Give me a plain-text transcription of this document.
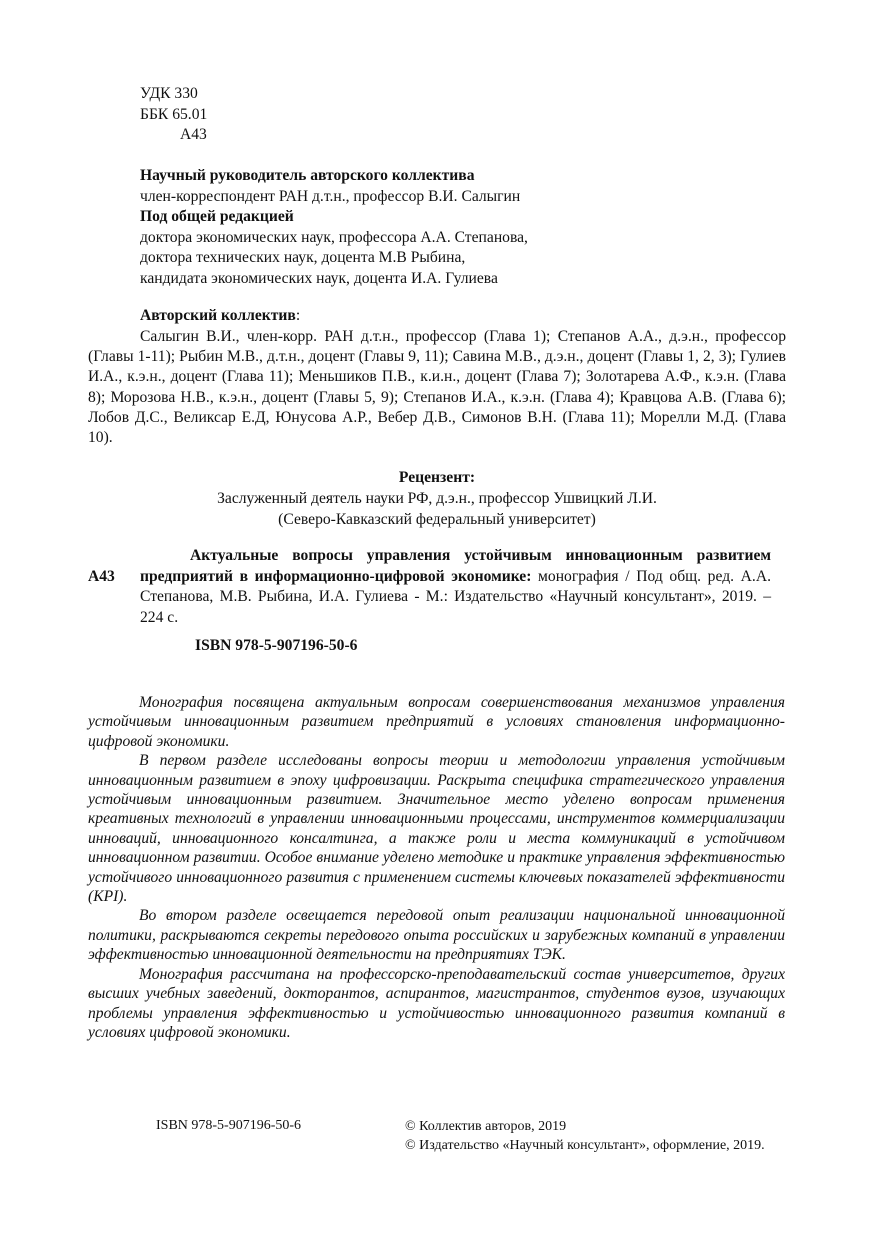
УДК 330
ББК 65.01
А43
Научный руководитель авторского коллектива
член-корреспондент РАН д.т.н., профессор В.И. Салыгин
Под общей редакцией
доктора экономических наук, профессора А.А. Степанова,
доктора технических наук, доцента М.В Рыбина,
кандидата экономических наук, доцента И.А. Гулиева
Авторский коллектив:
Салыгин В.И., член-корр. РАН д.т.н., профессор (Глава 1); Степанов А.А., д.э.н., профессор (Главы 1-11); Рыбин М.В., д.т.н., доцент (Главы 9, 11); Савина М.В., д.э.н., доцент (Главы 1, 2, 3); Гулиев И.А., к.э.н., доцент (Глава 11); Меньшиков П.В., к.и.н., доцент (Глава 7); Золотарева А.Ф., к.э.н. (Глава 8); Морозова Н.В., к.э.н., доцент (Главы 5, 9); Степанов И.А., к.э.н. (Глава 4); Кравцова А.В. (Глава 6); Лобов Д.С., Великсар Е.Д, Юнусова А.Р., Вебер Д.В., Симонов В.Н. (Глава 11); Морелли М.Д. (Глава 10).
Рецензент:
Заслуженный деятель науки РФ, д.э.н., профессор Ушвицкий Л.И.
(Северо-Кавказский федеральный университет)
А43
Актуальные вопросы управления устойчивым инновационным развитием предприятий в информационно-цифровой экономике: монография / Под общ. ред. А.А. Степанова, М.В. Рыбина, И.А. Гулиева - М.: Издательство «Научный консультант», 2019. – 224 с.
ISBN 978-5-907196-50-6

Монография посвящена актуальным вопросам совершенствования механизмов управления устойчивым инновационным развитием предприятий в условиях становления информационно-цифровой экономики.

В первом разделе исследованы вопросы теории и методологии управления устойчивым инновационным развитием в эпоху цифровизации. Раскрыта специфика стратегического управления устойчивым инновационным развитием. Значительное место уделено вопросам применения креативных технологий в управлении инновационными процессами, инструментов коммерциализации инноваций, инновационного консалтинга, а также роли и места коммуникаций в устойчивом инновационном развитии. Особое внимание уделено методике и практике управления эффективностью устойчивого инновационного развития с применением системы ключевых показателей эффективности (KPI).

Во втором разделе освещается передовой опыт реализации национальной инновационной политики, раскрываются секреты передового опыта российских и зарубежных компаний в управлении эффективностью инновационной деятельности на предприятиях ТЭК.

Монография рассчитана на профессорско-преподавательский состав университетов, других высших учебных заведений, докторантов, аспирантов, магистрантов, студентов вузов, изучающих проблемы управления эффективностью и устойчивостью инновационного развития компаний в условиях цифровой экономики.

ISBN 978-5-907196-50-6	© Коллектив авторов, 2019
© Издательство «Научный консультант», оформление, 2019.
